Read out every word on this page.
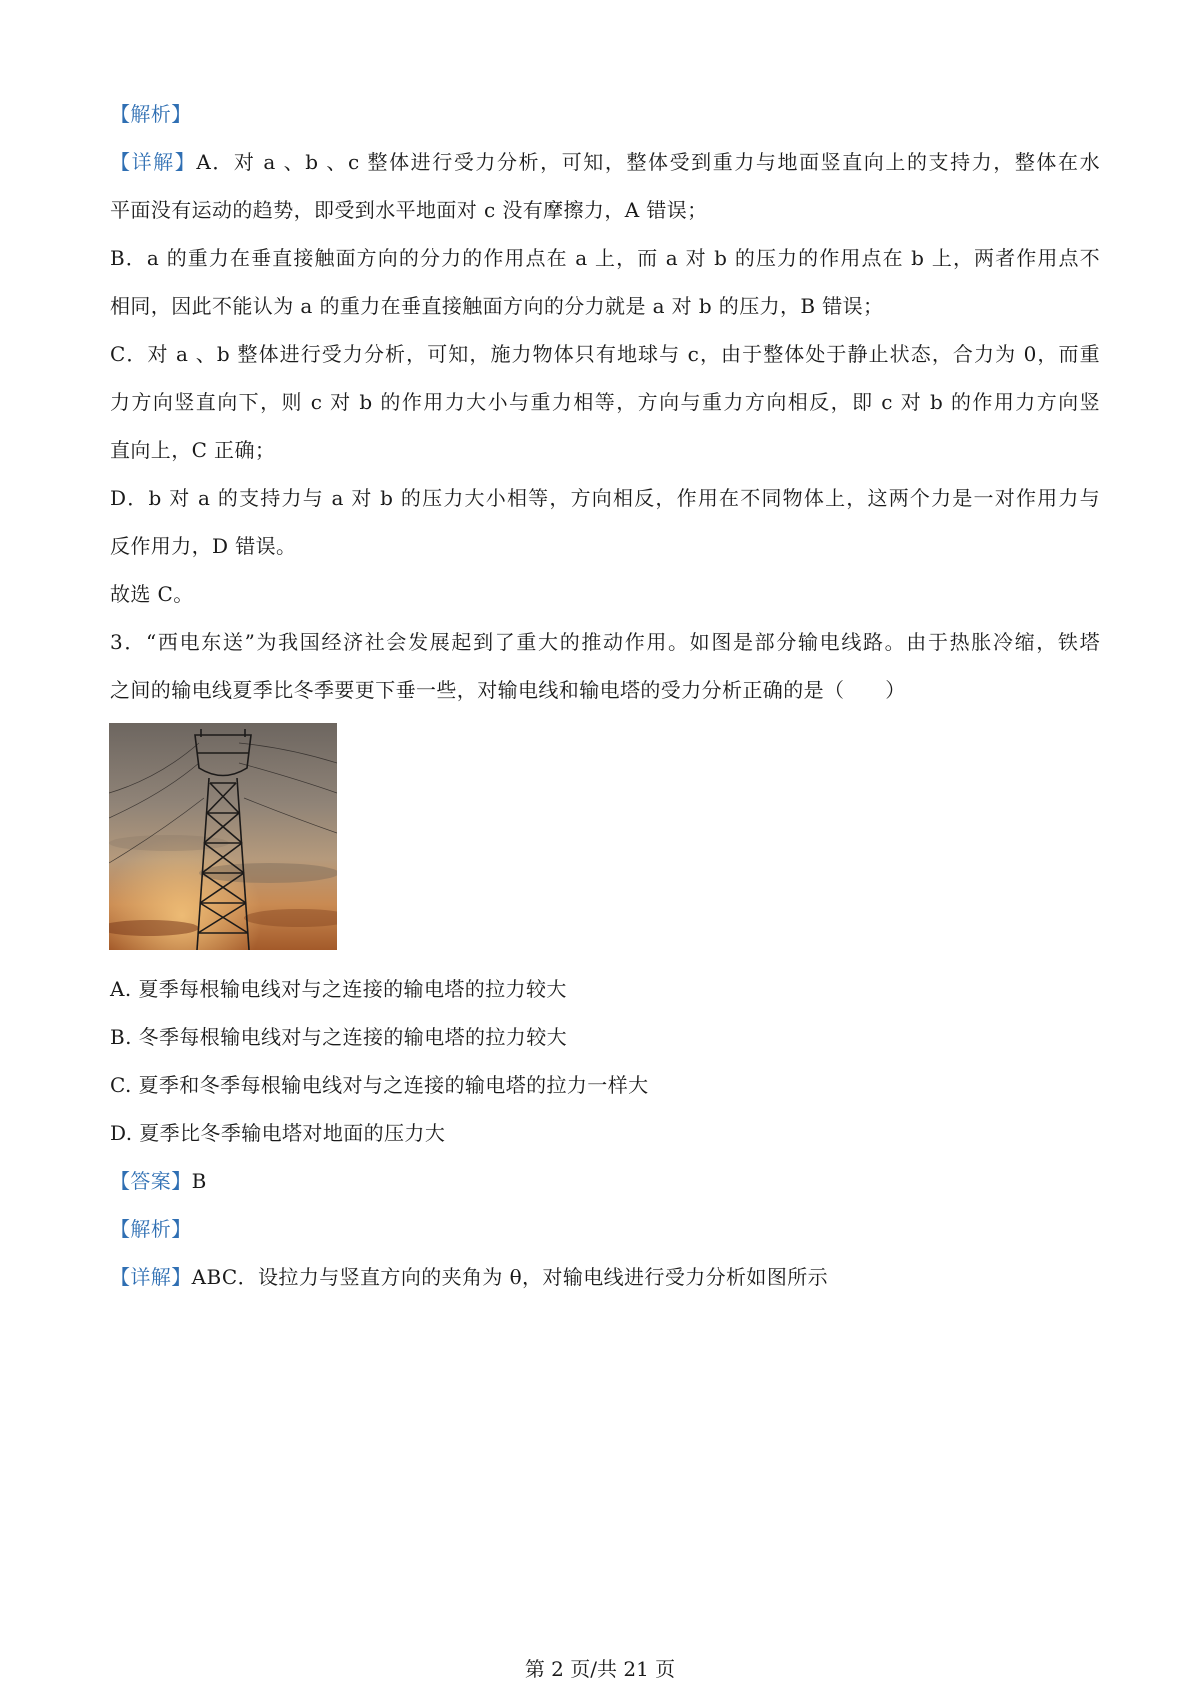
【解析】
【详解】A．对 a 、b 、c 整体进行受力分析，可知，整体受到重力与地面竖直向上的支持力，整体在水
平面没有运动的趋势，即受到水平地面对 c 没有摩擦力，A 错误；
B．a 的重力在垂直接触面方向的分力的作用点在 a 上，而 a 对 b 的压力的作用点在 b 上，两者作用点不
相同，因此不能认为 a 的重力在垂直接触面方向的分力就是 a 对 b 的压力，B 错误；
C．对 a 、b 整体进行受力分析，可知，施力物体只有地球与 c，由于整体处于静止状态，合力为 0，而重
力方向竖直向下，则 c 对 b 的作用力大小与重力相等，方向与重力方向相反，即 c 对 b 的作用力方向竖
直向上，C 正确；
D．b 对 a 的支持力与 a 对 b 的压力大小相等，方向相反，作用在不同物体上，这两个力是一对作用力与
反作用力，D 错误。
故选 C。
3．“西电东送”为我国经济社会发展起到了重大的推动作用。如图是部分输电线路。由于热胀冷缩，铁塔
之间的输电线夏季比冬季要更下垂一些，对输电线和输电塔的受力分析正确的是（　　）
A. 夏季每根输电线对与之连接的输电塔的拉力较大
B. 冬季每根输电线对与之连接的输电塔的拉力较大
C. 夏季和冬季每根输电线对与之连接的输电塔的拉力一样大
D. 夏季比冬季输电塔对地面的压力大
【答案】B
【解析】
【详解】ABC．设拉力与竖直方向的夹角为 θ，对输电线进行受力分析如图所示
第 2 页/共 21 页
